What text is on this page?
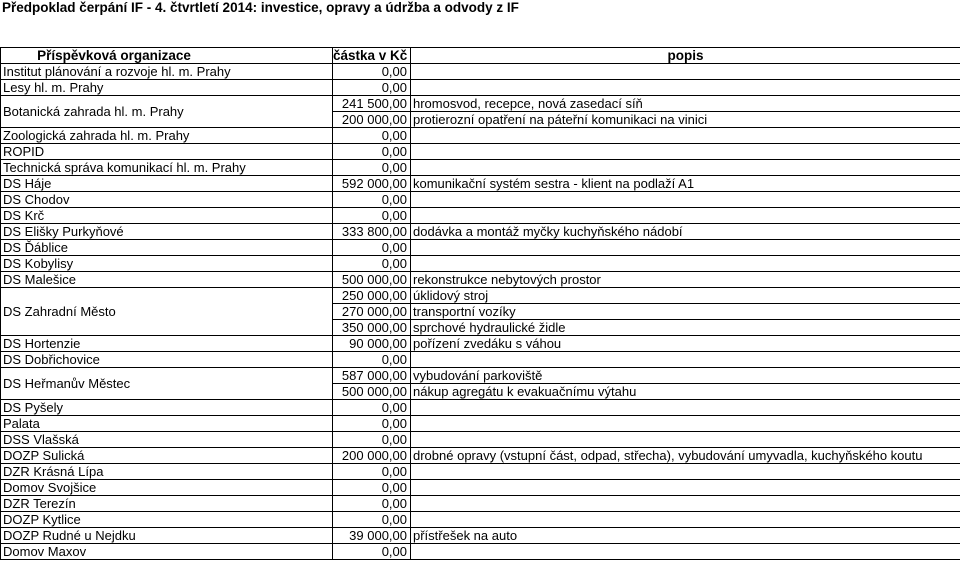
Předpoklad čerpání IF - 4. čtvrtletí 2014: investice, opravy a údržba a odvody z IF
Příspěvková organizace	částka v Kč	popis
Institut plánování a rozvoje hl. m. Prahy	0,00	
Lesy hl. m. Prahy	0,00	
Botanická zahrada hl. m. Prahy	241 500,00	hromosvod, recepce, nová zasedací síň
	200 000,00	protierozní opatření na páteřní komunikaci na vinici
Zoologická zahrada hl. m. Prahy	0,00	
ROPID	0,00	
Technická správa komunikací hl. m. Prahy	0,00	
DS Háje	592 000,00	komunikační systém sestra - klient na podlaží A1
DS Chodov	0,00	
DS Krč	0,00	
DS Elišky Purkyňové	333 800,00	dodávka a montáž myčky kuchyňského nádobí
DS Ďáblice	0,00	
DS Kobylisy	0,00	
DS Malešice	500 000,00	rekonstrukce nebytových prostor
DS Zahradní Město	250 000,00	úklidový stroj
	270 000,00	transportní vozíky
	350 000,00	sprchové hydraulické židle
DS Hortenzie	90 000,00	pořízení zvedáku s váhou
DS Dobřichovice	0,00	
DS Heřmanův Městec	587 000,00	vybudování parkoviště
	500 000,00	nákup agregátu k evakuačnímu výtahu
DS Pyšely	0,00	
Palata	0,00	
DSS Vlašská	0,00	
DOZP Sulická	200 000,00	drobné opravy (vstupní část, odpad, střecha), vybudování umyvadla, kuchyňského koutu
DZR Krásná Lípa	0,00	
Domov Svojšice	0,00	
DZR Terezín	0,00	
DOZP Kytlice	0,00	
DOZP Rudné u Nejdku	39 000,00	přístřešek na auto
Domov Maxov	0,00	
